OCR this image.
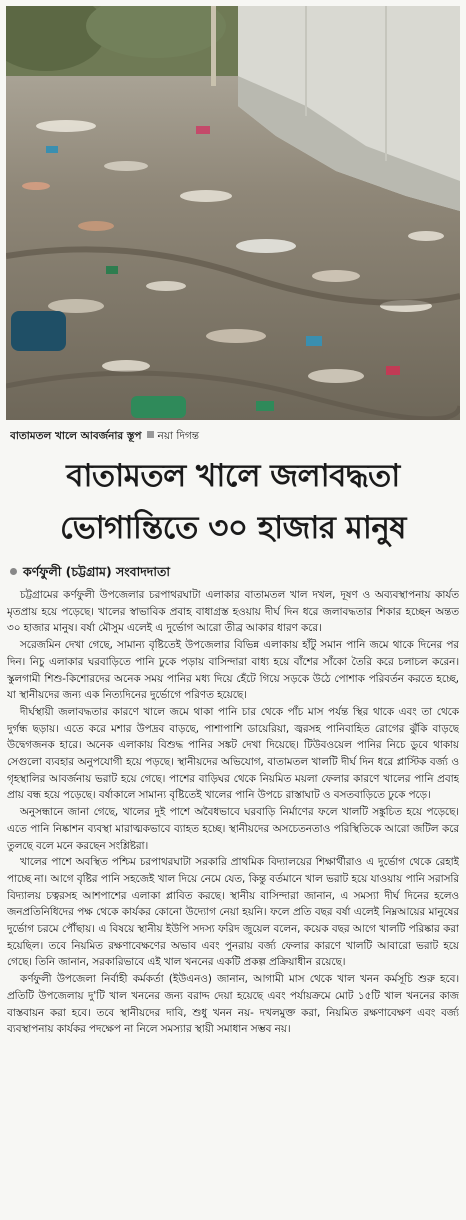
বাতামতল খালে আবর্জনার স্তূপ নয়া দিগন্ত
বাতামতল খালে জলাবদ্ধতা
ভোগান্তিতে ৩০ হাজার মানুষ
কর্ণফুলী (চট্টগ্রাম) সংবাদদাতা

চট্টগ্রামের কর্ণফুলী উপজেলার চরপাথরঘাটা এলাকার বাতামতল খাল দখল, দূষণ ও অব্যবস্থাপনায় কার্যত মৃতপ্রায় হয়ে পড়েছে। খালের স্বাভাবিক প্রবাহ বাধাগ্রস্ত হওয়ায় দীর্ঘ দিন ধরে জলাবদ্ধতার শিকার হচ্ছেন অন্তত ৩০ হাজার মানুষ। বর্ষা মৌসুম এলেই এ দুর্ভোগ আরো তীব্র আকার ধারণ করে।

সরেজমিন দেখা গেছে, সামান্য বৃষ্টিতেই উপজেলার বিভিন্ন এলাকায় হাঁটু সমান পানি জমে থাকে দিনের পর দিন। নিচু এলাকার ঘরবাড়িতে পানি ঢুকে পড়ায় বাসিন্দারা বাধ্য হয়ে বাঁশের সাঁকো তৈরি করে চলাচল করেন। স্কুলগামী শিশু-কিশোরদের অনেক সময় পানির মধ্য দিয়ে হেঁটে গিয়ে সড়কে উঠে পোশাক পরিবর্তন করতে হচ্ছে, যা স্থানীয়দের জন্য এক নিত্যদিনের দুর্ভোগে পরিণত হয়েছে।

দীর্ঘস্থায়ী জলাবদ্ধতার কারণে খালে জমে থাকা পানি চার থেকে পাঁচ মাস পর্যন্ত স্থির থাকে এবং তা থেকে দুর্গন্ধ ছড়ায়। এতে করে মশার উপদ্রব বাড়ছে, পাশাপাশি ডায়েরিয়া, জ্বরসহ পানিবাহিত রোগের ঝুঁকি বাড়ছে উদ্বেগজনক হারে। অনেক এলাকায় বিশুদ্ধ পানির সঙ্কট দেখা দিয়েছে। টিউবওয়েল পানির নিচে ডুবে থাকায় সেগুলো ব্যবহার অনুপযোগী হয়ে পড়ছে। স্থানীয়দের অভিযোগ, বাতামতল খালটি দীর্ঘ দিন ধরে প্লাস্টিক বর্জ্য ও গৃহস্থালির আবর্জনায় ভরাট হয়ে গেছে। পাশের বাড়িঘর থেকে নিয়মিত ময়লা ফেলার কারণে খালের পানি প্রবাহ প্রায় বন্ধ হয়ে পড়েছে। বর্ষাকালে সামান্য বৃষ্টিতেই খালের পানি উপচে রাস্তাঘাট ও বসতবাড়িতে ঢুকে পড়ে।

অনুসন্ধানে জানা গেছে, খালের দুই পাশে অবৈধভাবে ঘরবাড়ি নির্মাণের ফলে খালটি সঙ্কুচিত হয়ে পড়েছে। এতে পানি নিষ্কাশন ব্যবস্থা মারাত্মকভাবে ব্যাহত হচ্ছে। স্থানীয়দের অসচেতনতাও পরিস্থিতিকে আরো জটিল করে তুলছে বলে মনে করছেন সংশ্লিষ্টরা।

খালের পাশে অবস্থিত পশ্চিম চরপাথরঘাটা সরকারি প্রাথমিক বিদ্যালয়ের শিক্ষার্থীরাও এ দুর্ভোগ থেকে রেহাই পাচ্ছে না। আগে বৃষ্টির পানি সহজেই খাল দিয়ে নেমে যেত, কিন্তু বর্তমানে খাল ভরাট হয়ে যাওয়ায় পানি সরাসরি বিদ্যালয় চত্বরসহ আশপাশের এলাকা প্লাবিত করছে। স্থানীয় বাসিন্দারা জানান, এ সমস্যা দীর্ঘ দিনের হলেও জনপ্রতিনিধিদের পক্ষ থেকে কার্যকর কোনো উদ্যোগ নেয়া হয়নি। ফলে প্রতি বছর বর্ষা এলেই নিম্নআয়ের মানুষের দুর্ভোগ চরমে পৌঁছায়। এ বিষয়ে স্থানীয় ইউপি সদস্য ফরিদ জুয়েল বলেন, কয়েক বছর আগে খালটি পরিষ্কার করা হয়েছিল। তবে নিয়মিত রক্ষণাবেক্ষণের অভাব এবং পুনরায় বর্জ্য ফেলার কারণে খালটি আবারো ভরাট হয়ে গেছে। তিনি জানান, সরকারিভাবে এই খাল খননের একটি প্রকল্প প্রক্রিয়াধীন রয়েছে।

কর্ণফুলী উপজেলা নির্বাহী কর্মকর্তা (ইউএনও) জানান, আগামী মাস থেকে খাল খনন কর্মসূচি শুরু হবে। প্রতিটি উপজেলায় দু'টি খাল খননের জন্য বরাদ্দ দেয়া হয়েছে এবং পর্যায়ক্রমে মোট ১৫টি খাল খননের কাজ বাস্তবায়ন করা হবে। তবে স্থানীয়দের দাবি, শুধু খনন নয়- দখলমুক্ত করা, নিয়মিত রক্ষণাবেক্ষণ এবং বর্জ্য ব্যবস্থাপনায় কার্যকর পদক্ষেপ না নিলে সমস্যার স্থায়ী সমাধান সম্ভব নয়।
